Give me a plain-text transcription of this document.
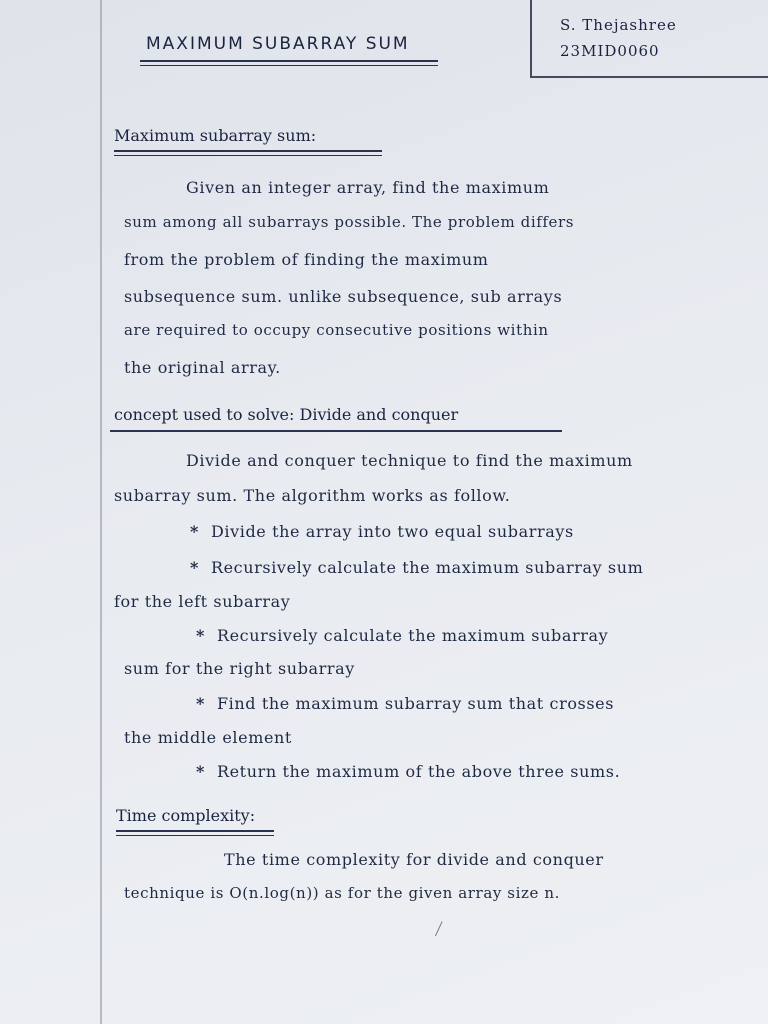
S. Thejashree
23MID0060
MAXIMUM SUBARRAY SUM
Maximum subarray sum:
Given an integer array, find the maximum
sum among all subarrays possible. The problem differs
from the problem of finding the maximum
subsequence sum. unlike subsequence, sub arrays
are required to occupy consecutive positions within
the original array.
concept used to solve: Divide and conquer
Divide and conquer technique to find the maximum
subarray sum. The algorithm works as follow.
* Divide the array into two equal subarrays
* Recursively calculate the maximum subarray sum
for the left subarray
* Recursively calculate the maximum subarray
sum for the right subarray
* Find the maximum subarray sum that crosses
the middle element
* Return the maximum of the above three sums.
Time complexity:
The time complexity for divide and conquer
technique is O(n.log(n)) as for the given array size n.
